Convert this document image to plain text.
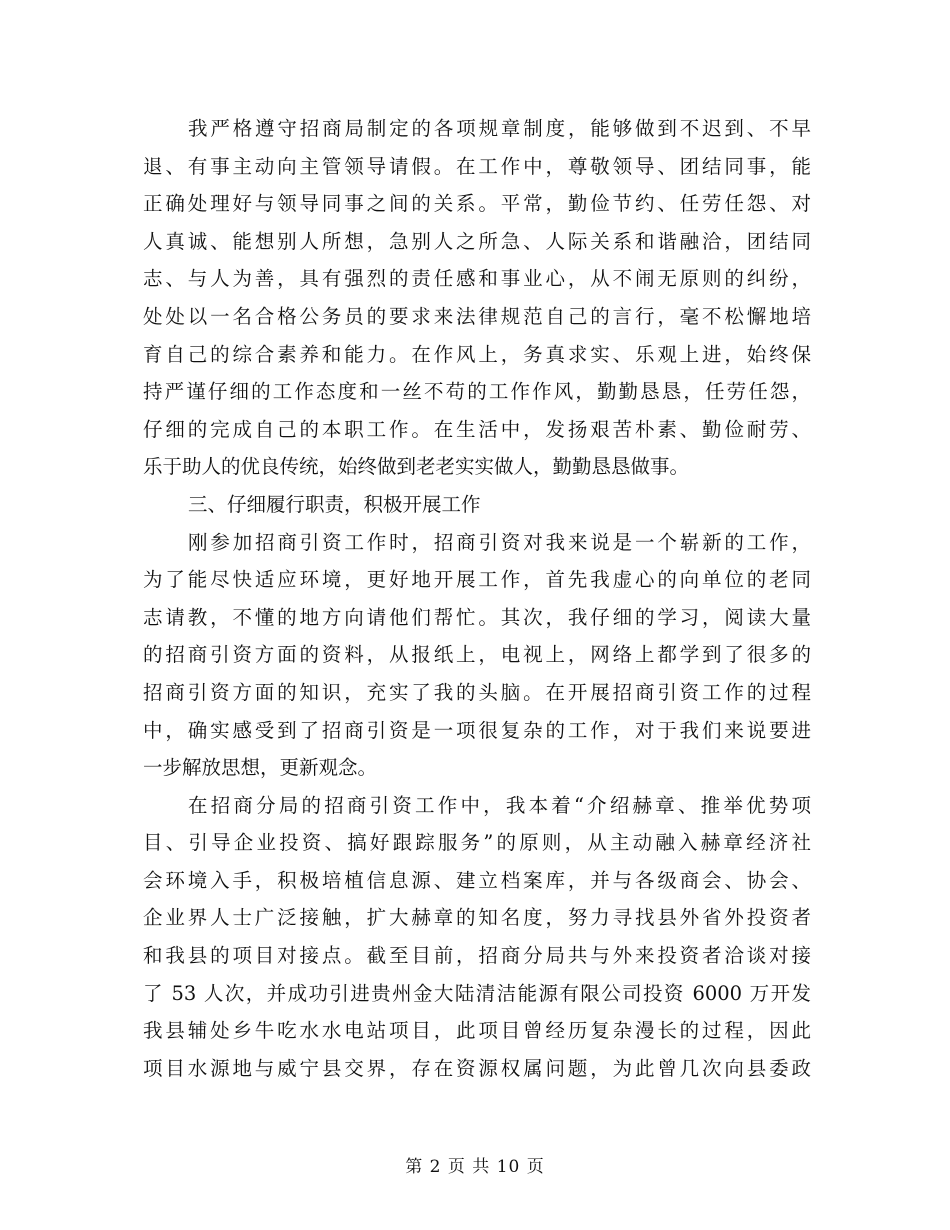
我严格遵守招商局制定的各项规章制度，能够做到不迟到、不早
退、有事主动向主管领导请假。在工作中，尊敬领导、团结同事，能
正确处理好与领导同事之间的关系。平常，勤俭节约、任劳任怨、对
人真诚、能想别人所想，急别人之所急、人际关系和谐融洽，团结同
志、与人为善，具有强烈的责任感和事业心，从不闹无原则的纠纷，
处处以一名合格公务员的要求来法律规范自己的言行，毫不松懈地培
育自己的综合素养和能力。在作风上，务真求实、乐观上进，始终保
持严谨仔细的工作态度和一丝不苟的工作作风，勤勤恳恳，任劳任怨，
仔细的完成自己的本职工作。在生活中，发扬艰苦朴素、勤俭耐劳、
乐于助人的优良传统，始终做到老老实实做人，勤勤恳恳做事。
三、仔细履行职责，积极开展工作
刚参加招商引资工作时，招商引资对我来说是一个崭新的工作，
为了能尽快适应环境，更好地开展工作，首先我虚心的向单位的老同
志请教，不懂的地方向请他们帮忙。其次，我仔细的学习，阅读大量
的招商引资方面的资料，从报纸上，电视上，网络上都学到了很多的
招商引资方面的知识，充实了我的头脑。在开展招商引资工作的过程
中，确实感受到了招商引资是一项很复杂的工作，对于我们来说要进
一步解放思想，更新观念。
在招商分局的招商引资工作中，我本着“介绍赫章、推举优势项
目、引导企业投资、搞好跟踪服务”的原则，从主动融入赫章经济社
会环境入手，积极培植信息源、建立档案库，并与各级商会、协会、
企业界人士广泛接触，扩大赫章的知名度，努力寻找县外省外投资者
和我县的项目对接点。截至目前，招商分局共与外来投资者洽谈对接
了 53 人次，并成功引进贵州金大陆清洁能源有限公司投资 6000 万开发
我县辅处乡牛吃水水电站项目，此项目曾经历复杂漫长的过程，因此
项目水源地与威宁县交界，存在资源权属问题，为此曾几次向县委政
第 2 页 共 10 页
